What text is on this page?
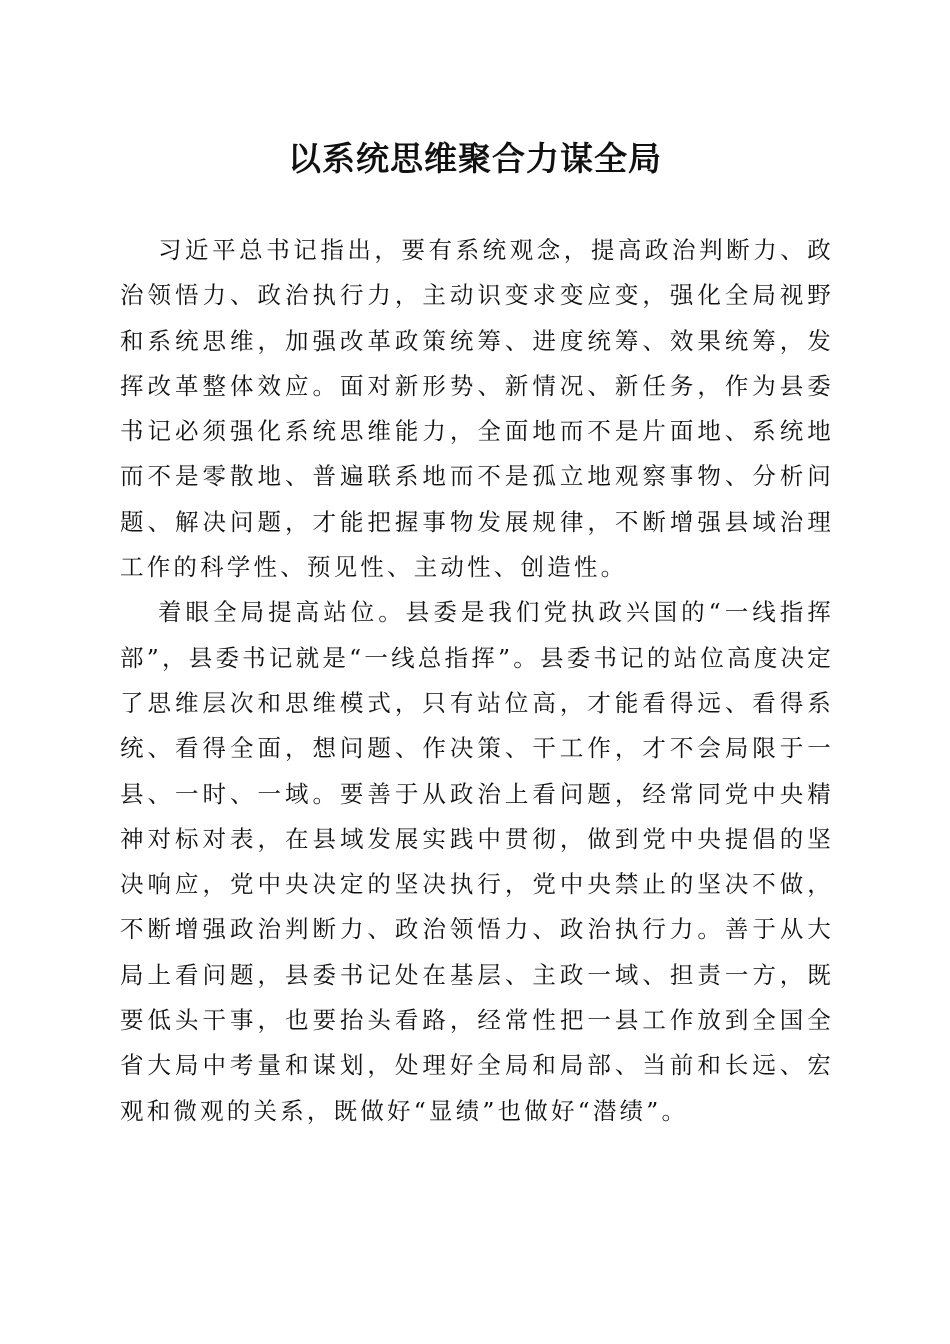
以系统思维聚合力谋全局

习近平总书记指出，要有系统观念，提高政治判断力、政治领悟力、政治执行力，主动识变求变应变，强化全局视野和系统思维，加强改革政策统筹、进度统筹、效果统筹，发挥改革整体效应。面对新形势、新情况、新任务，作为县委书记必须强化系统思维能力，全面地而不是片面地、系统地而不是零散地、普遍联系地而不是孤立地观察事物、分析问题、解决问题，才能把握事物发展规律，不断增强县域治理工作的科学性、预见性、主动性、创造性。

着眼全局提高站位。县委是我们党执政兴国的“一线指挥部”，县委书记就是“一线总指挥”。县委书记的站位高度决定了思维层次和思维模式，只有站位高，才能看得远、看得系统、看得全面，想问题、作决策、干工作，才不会局限于一县、一时、一域。要善于从政治上看问题，经常同党中央精神对标对表，在县域发展实践中贯彻，做到党中央提倡的坚决响应，党中央决定的坚决执行，党中央禁止的坚决不做，不断增强政治判断力、政治领悟力、政治执行力。善于从大局上看问题，县委书记处在基层、主政一域、担责一方，既要低头干事，也要抬头看路，经常性把一县工作放到全国全省大局中考量和谋划，处理好全局和局部、当前和长远、宏观和微观的关系，既做好“显绩”也做好“潜绩”。
